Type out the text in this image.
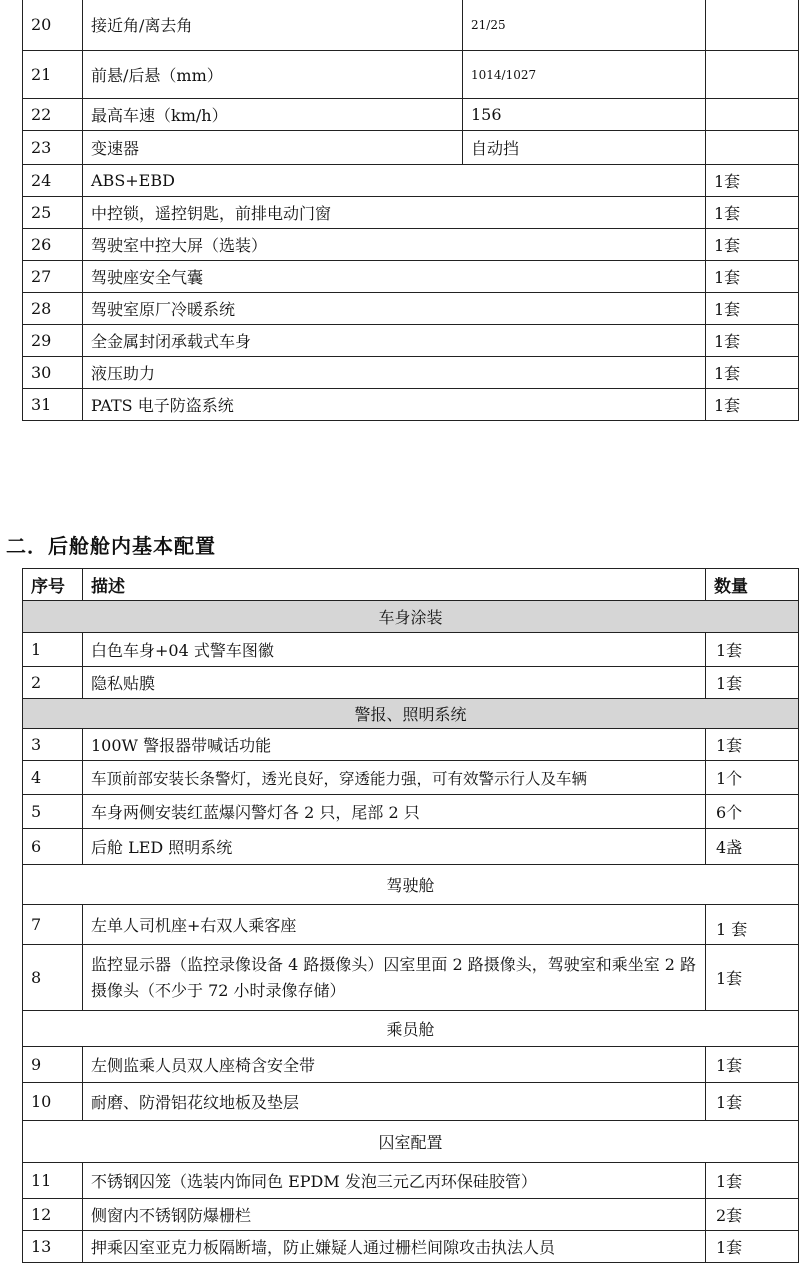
20	接近角/离去角	21/25	
21	前悬/后悬（mm）	1014/1027	
22	最高车速（km/h）	156	
23	变速器	自动挡	
24	ABS+EBD		1套
25	中控锁，遥控钥匙，前排电动门窗		1套
26	驾驶室中控大屏（选装）		1套
27	驾驶座安全气囊		1套
28	驾驶室原厂冷暖系统		1套
29	全金属封闭承载式车身		1套
30	液压助力		1套
31	PATS 电子防盗系统		1套
二．后舱舱内基本配置
序号	描述	数量
车身涂装		
1	白色车身+04 式警车图徽	1套
2	隐私贴膜	1套
警报、照明系统		
3	100W 警报器带喊话功能	1套
4	车顶前部安装长条警灯，透光良好，穿透能力强，可有效警示行人及车辆	1个
5	车身两侧安装红蓝爆闪警灯各 2 只，尾部 2 只	6个
6	后舱 LED 照明系统	4盏
驾驶舱		
7	左单人司机座+右双人乘客座	1 套
8	监控显示器（监控录像设备 4 路摄像头）囚室里面 2 路摄像头，驾驶室和乘坐室 2 路摄像头（不少于 72 小时录像存储）	1套
乘员舱		
9	左侧监乘人员双人座椅含安全带	1套
10	耐磨、防滑铝花纹地板及垫层	1套
囚室配置		
11	不锈钢囚笼（选装内饰同色 EPDM 发泡三元乙丙环保硅胶管）	1套
12	侧窗内不锈钢防爆栅栏	2套
13	押乘囚室亚克力板隔断墙，防止嫌疑人通过栅栏间隙攻击执法人员	1套
